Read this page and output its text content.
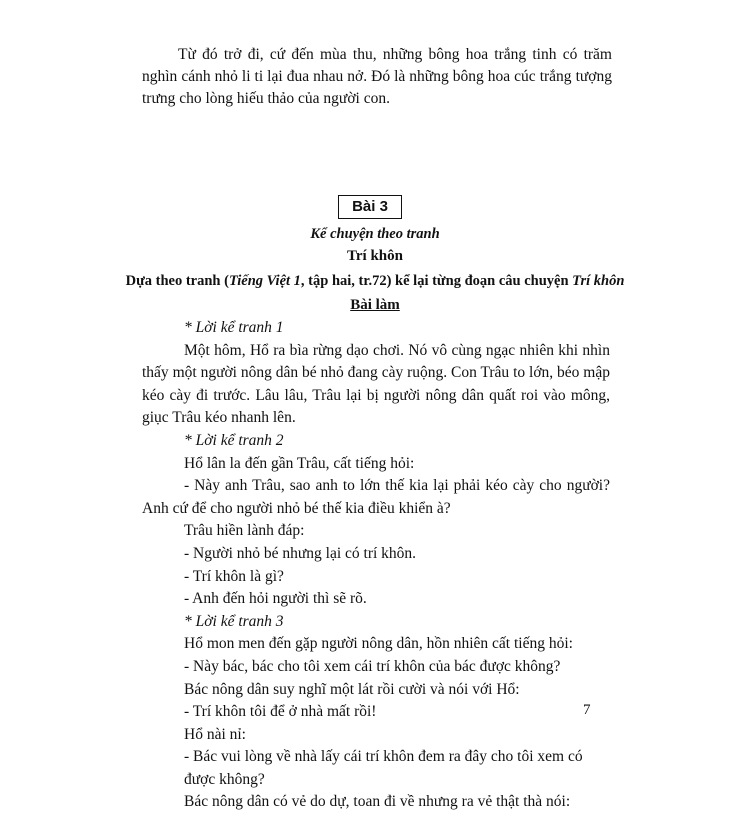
Từ đó trở đi, cứ đến mùa thu, những bông hoa trắng tinh có trăm nghìn cánh nhỏ li ti lại đua nhau nở. Đó là những bông hoa cúc trắng tượng trưng cho lòng hiếu thảo của người con.

Bài 3
Kể chuyện theo tranh
Trí khôn
Dựa theo tranh (Tiếng Việt 1, tập hai, tr.72) kể lại từng đoạn câu chuyện Trí khôn
Bài làm

* Lời kể tranh 1

Một hôm, Hổ ra bìa rừng dạo chơi. Nó vô cùng ngạc nhiên khi nhìn thấy một người nông dân bé nhỏ đang cày ruộng. Con Trâu to lớn, béo mập kéo cày đi trước. Lâu lâu, Trâu lại bị người nông dân quất roi vào mông, giục Trâu kéo nhanh lên.

* Lời kể tranh 2

Hổ lân la đến gần Trâu, cất tiếng hỏi:

- Này anh Trâu, sao anh to lớn thế kia lại phải kéo cày cho người? Anh cứ để cho người nhỏ bé thế kia điều khiển à?

Trâu hiền lành đáp:

- Người nhỏ bé nhưng lại có trí khôn.

- Trí khôn là gì?

- Anh đến hỏi người thì sẽ rõ.

* Lời kể tranh 3

Hổ mon men đến gặp người nông dân, hồn nhiên cất tiếng hỏi:

- Này bác, bác cho tôi xem cái trí khôn của bác được không?

Bác nông dân suy nghĩ một lát rồi cười và nói với Hổ:

- Trí khôn tôi để ở nhà mất rồi!

Hổ nài nỉ:

- Bác vui lòng về nhà lấy cái trí khôn đem ra đây cho tôi xem có được không?

Bác nông dân có vẻ do dự, toan đi về nhưng ra vẻ thật thà nói:

7
